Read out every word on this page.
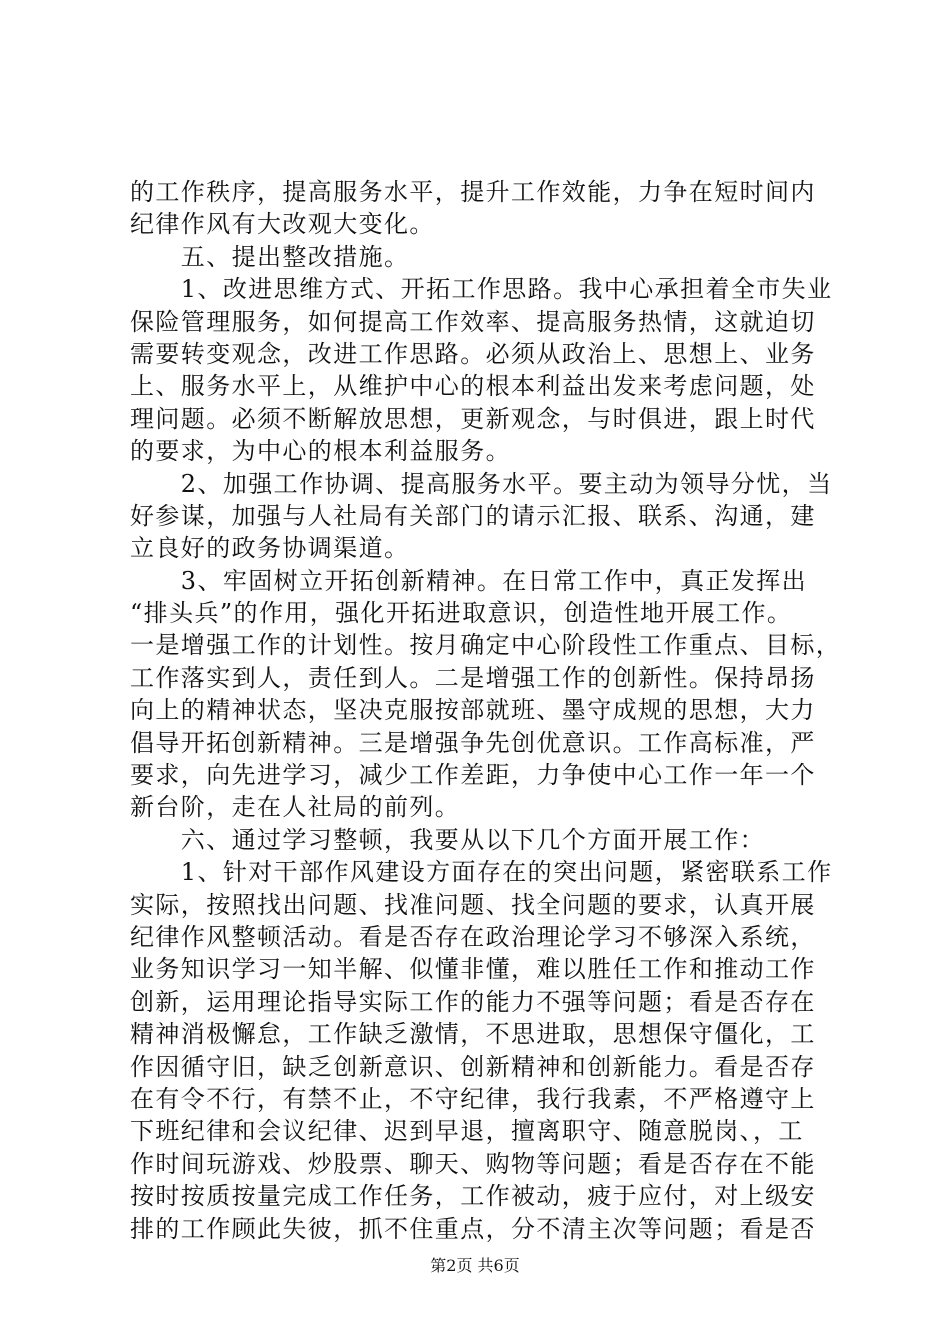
的工作秩序，提高服务水平，提升工作效能，力争在短时间内
纪律作风有大改观大变化。
　　五、提出整改措施。
　　1、改进思维方式、开拓工作思路。我中心承担着全市失业
保险管理服务，如何提高工作效率、提高服务热情，这就迫切
需要转变观念，改进工作思路。必须从政治上、思想上、业务
上、服务水平上，从维护中心的根本利益出发来考虑问题，处
理问题。必须不断解放思想，更新观念，与时俱进，跟上时代
的要求，为中心的根本利益服务。
　　2、加强工作协调、提高服务水平。要主动为领导分忧，当
好参谋，加强与人社局有关部门的请示汇报、联系、沟通，建
立良好的政务协调渠道。
　　3、牢固树立开拓创新精神。在日常工作中，真正发挥出
“排头兵”的作用，强化开拓进取意识，创造性地开展工作。
一是增强工作的计划性。按月确定中心阶段性工作重点、目标，
工作落实到人，责任到人。二是增强工作的创新性。保持昂扬
向上的精神状态，坚决克服按部就班、墨守成规的思想，大力
倡导开拓创新精神。三是增强争先创优意识。工作高标准，严
要求，向先进学习，减少工作差距，力争使中心工作一年一个
新台阶，走在人社局的前列。
　　六、通过学习整顿，我要从以下几个方面开展工作：
　　1、针对干部作风建设方面存在的突出问题，紧密联系工作
实际，按照找出问题、找准问题、找全问题的要求，认真开展
纪律作风整顿活动。看是否存在政治理论学习不够深入系统，
业务知识学习一知半解、似懂非懂，难以胜任工作和推动工作
创新，运用理论指导实际工作的能力不强等问题；看是否存在
精神消极懈怠，工作缺乏激情，不思进取，思想保守僵化，工
作因循守旧，缺乏创新意识、创新精神和创新能力。看是否存
在有令不行，有禁不止，不守纪律，我行我素，不严格遵守上
下班纪律和会议纪律、迟到早退，擅离职守、随意脱岗、，工
作时间玩游戏、炒股票、聊天、购物等问题；看是否存在不能
按时按质按量完成工作任务，工作被动，疲于应付，对上级安
排的工作顾此失彼，抓不住重点，分不清主次等问题；看是否
第2页 共6页
